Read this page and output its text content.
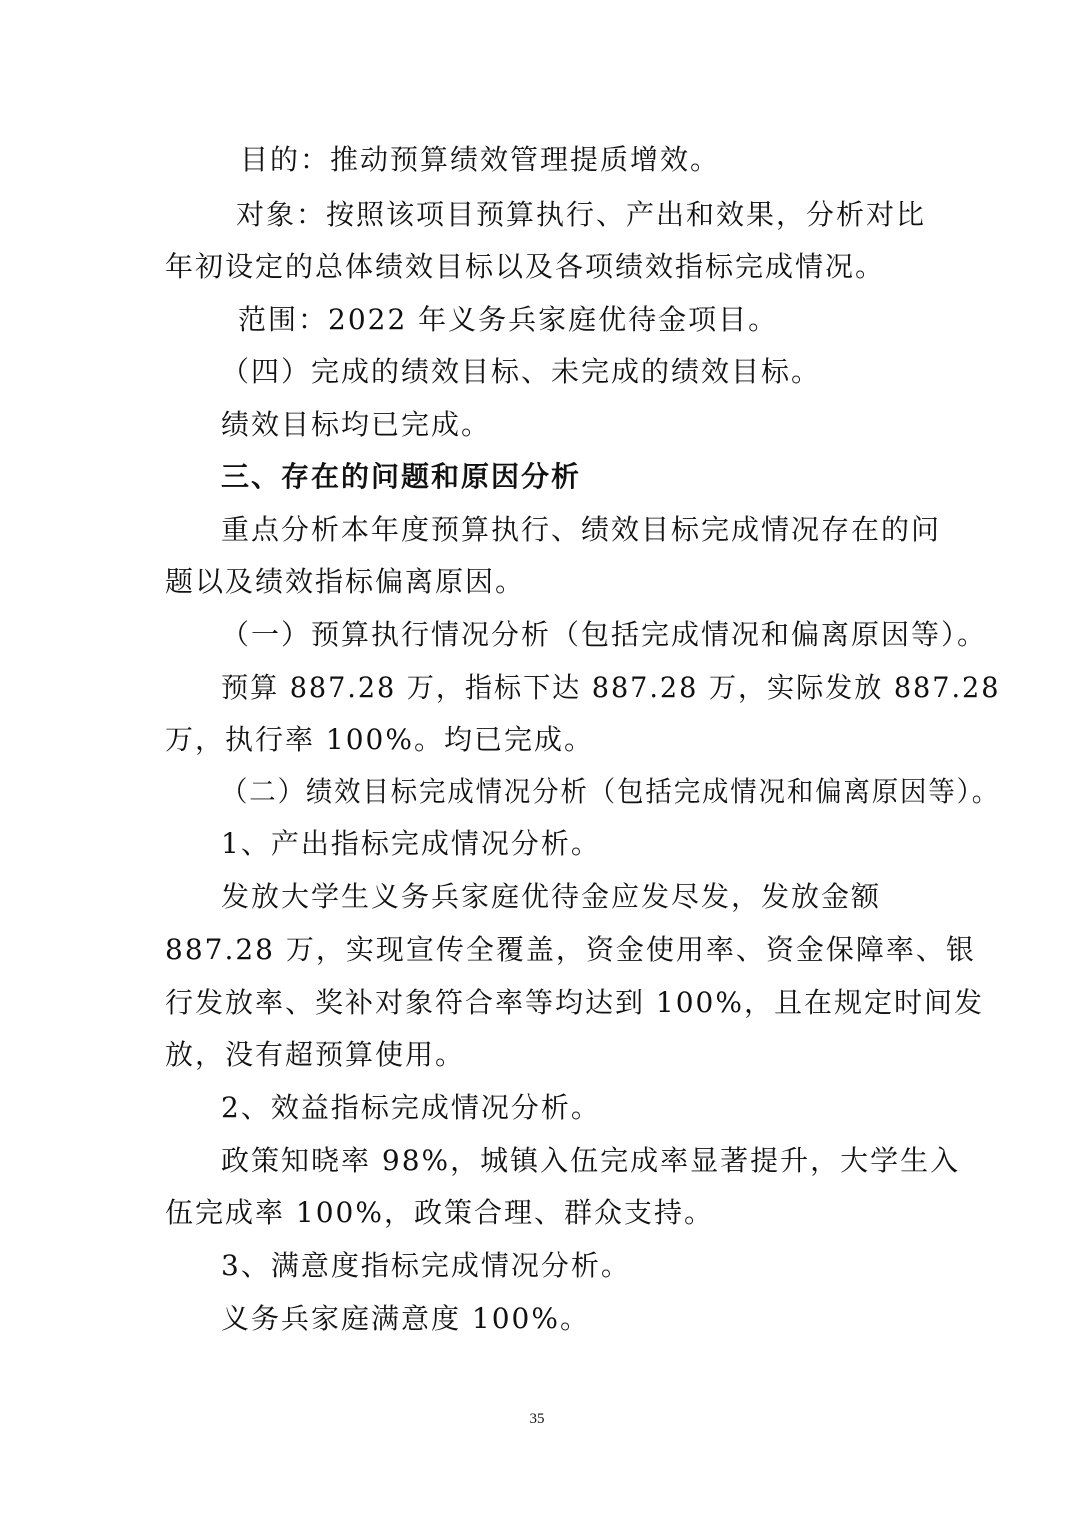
目的：推动预算绩效管理提质增效。
对象：按照该项目预算执行、产出和效果，分析对比
年初设定的总体绩效目标以及各项绩效指标完成情况。
范围：2022 年义务兵家庭优待金项目。
（四）完成的绩效目标、未完成的绩效目标。
绩效目标均已完成。
三、存在的问题和原因分析
重点分析本年度预算执行、绩效目标完成情况存在的问
题以及绩效指标偏离原因。
（一）预算执行情况分析（包括完成情况和偏离原因等）。
预算 887.28 万，指标下达 887.28 万，实际发放 887.28
万，执行率 100%。均已完成。
（二）绩效目标完成情况分析（包括完成情况和偏离原因等）。
1、产出指标完成情况分析。
发放大学生义务兵家庭优待金应发尽发，发放金额
887.28 万，实现宣传全覆盖，资金使用率、资金保障率、银
行发放率、奖补对象符合率等均达到 100%，且在规定时间发
放，没有超预算使用。
2、效益指标完成情况分析。
政策知晓率 98%，城镇入伍完成率显著提升，大学生入
伍完成率 100%，政策合理、群众支持。
3、满意度指标完成情况分析。
义务兵家庭满意度 100%。
35
